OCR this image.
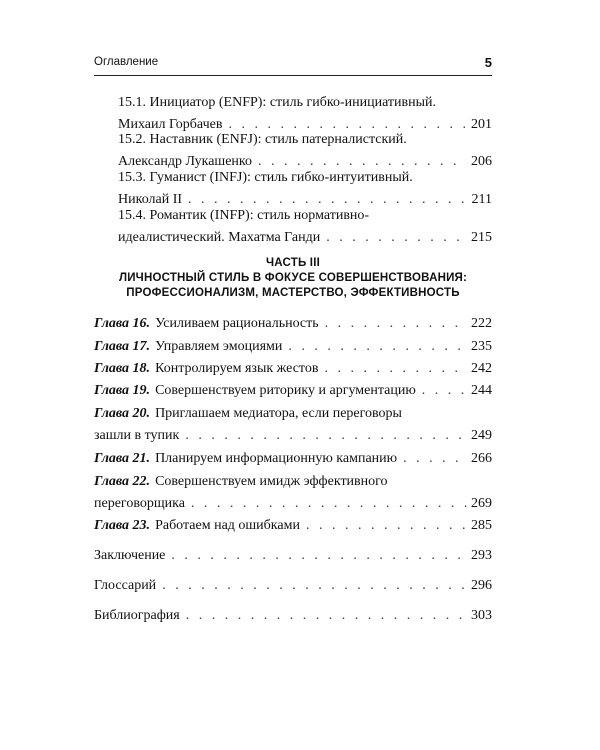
Оглавление	5
15.1. Инициатор (ENFP): стиль гибко-инициативный.
Михаил Горбачев . . .	201
15.2. Наставник (ENFJ): стиль патерналистский.
Александр Лукашенко . . .	206
15.3. Гуманист (INFJ): стиль гибко-интуитивный.
Николай II . . .	211
15.4. Романтик (INFP): стиль нормативно-
идеалистический. Махатма Ганди . . .	215
ЧАСТЬ III
ЛИЧНОСТНЫЙ СТИЛЬ В ФОКУСЕ СОВЕРШЕНСТВОВАНИЯ:
ПРОФЕССИОНАЛИЗМ, МАСТЕРСТВО, ЭФФЕКТИВНОСТЬ
Глава 16. Усиливаем рациональность . . .	222
Глава 17. Управляем эмоциями . . .	235
Глава 18. Контролируем язык жестов . . .	242
Глава 19. Совершенствуем риторику и аргументацию . . .	244
Глава 20. Приглашаем медиатора, если переговоры
зашли в тупик . . .	249
Глава 21. Планируем информационную кампанию . . .	266
Глава 22. Совершенствуем имидж эффективного
переговорщика . . .	269
Глава 23. Работаем над ошибками . . .	285
Заключение . . .	293
Глоссарий . . .	296
Библиография . . .	303
